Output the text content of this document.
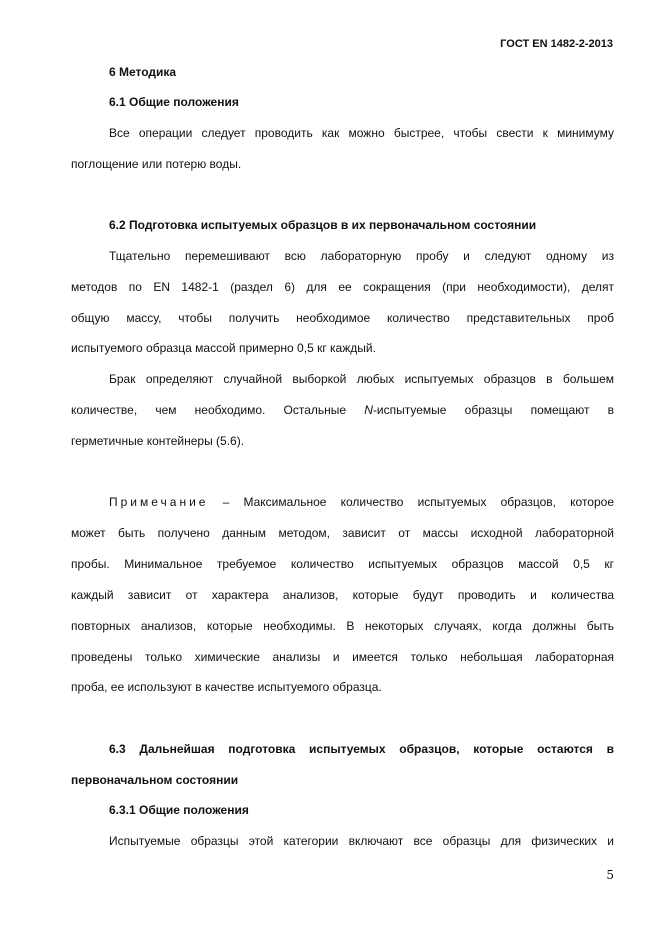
ГОСТ EN 1482-2-2013
6 Методика
6.1 Общие положения
Все операции следует проводить как можно быстрее, чтобы свести к минимуму
поглощение или потерю воды.
6.2 Подготовка испытуемых образцов в их первоначальном состоянии
Тщательно перемешивают всю лабораторную пробу и следуют одному из
методов по EN 1482-1 (раздел 6) для ее сокращения (при необходимости), делят
общую массу, чтобы получить необходимое количество представительных проб
испытуемого образца массой примерно 0,5 кг каждый.
Брак определяют случайной выборкой любых испытуемых образцов в большем
количестве, чем необходимо. Остальные N-испытуемые образцы помещают в
герметичные контейнеры (5.6).
Примечание – Максимальное количество испытуемых образцов, которое
может быть получено данным методом, зависит от массы исходной лабораторной
пробы. Минимальное требуемое количество испытуемых образцов массой 0,5 кг
каждый зависит от характера анализов, которые будут проводить и количества
повторных анализов, которые необходимы. В некоторых случаях, когда должны быть
проведены только химические анализы и имеется только небольшая лабораторная
проба, ее используют в качестве испытуемого образца.
6.3 Дальнейшая подготовка испытуемых образцов, которые остаются в
первоначальном состоянии
6.3.1 Общие положения
Испытуемые образцы этой категории включают все образцы для физических и
5
